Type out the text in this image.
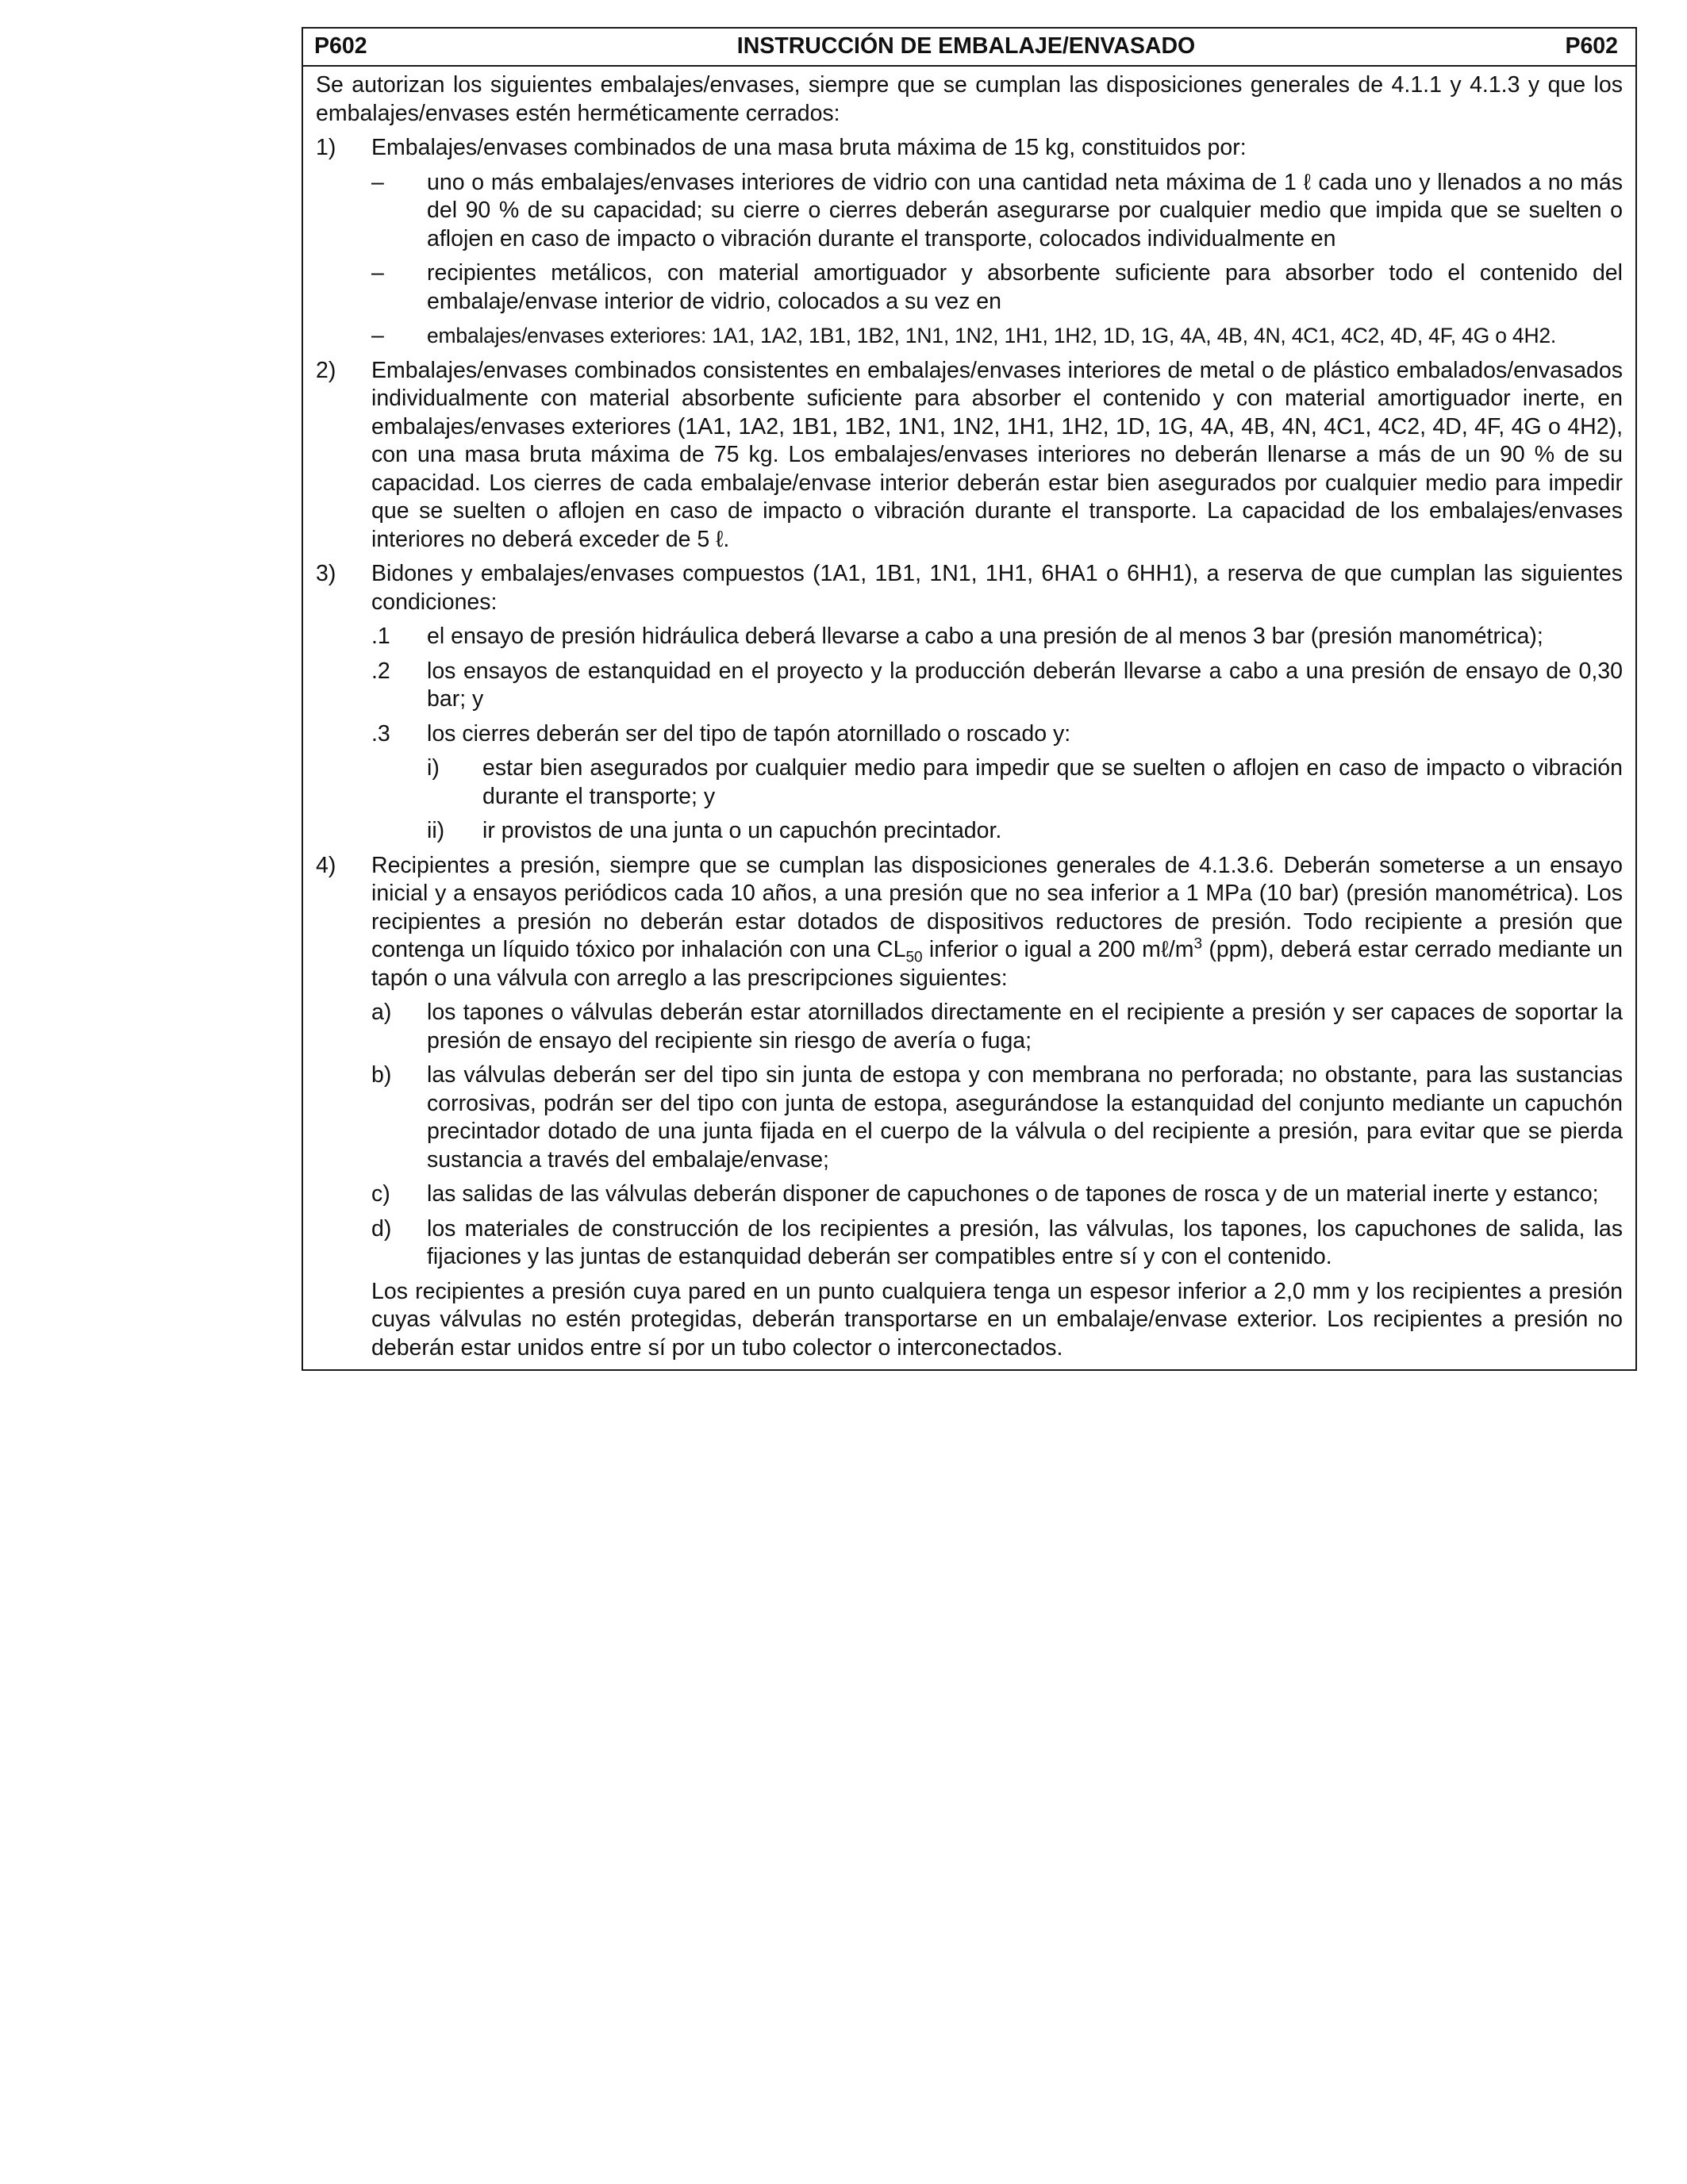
P602	INSTRUCCIÓN DE EMBALAJE/ENVASADO	P602

Se autorizan los siguientes embalajes/envases, siempre que se cumplan las disposiciones generales de 4.1.1 y 4.1.3 y que los embalajes/envases estén herméticamente cerrados:

1)	Embalajes/envases combinados de una masa bruta máxima de 15 kg, constituidos por:
–	uno o más embalajes/envases interiores de vidrio con una cantidad neta máxima de 1 ℓ cada uno y llenados a no más del 90 % de su capacidad; su cierre o cierres deberán asegurarse por cualquier medio que impida que se suelten o aflojen en caso de impacto o vibración durante el transporte, colocados individualmente en
–	recipientes metálicos, con material amortiguador y absorbente suficiente para absorber todo el contenido del embalaje/envase interior de vidrio, colocados a su vez en
–	embalajes/envases exteriores: 1A1, 1A2, 1B1, 1B2, 1N1, 1N2, 1H1, 1H2, 1D, 1G, 4A, 4B, 4N, 4C1, 4C2, 4D, 4F, 4G o 4H2.
2)	Embalajes/envases combinados consistentes en embalajes/envases interiores de metal o de plástico embalados/envasados individualmente con material absorbente suficiente para absorber el contenido y con material amortiguador inerte, en embalajes/envases exteriores (1A1, 1A2, 1B1, 1B2, 1N1, 1N2, 1H1, 1H2, 1D, 1G, 4A, 4B, 4N, 4C1, 4C2, 4D, 4F, 4G o 4H2), con una masa bruta máxima de 75 kg. Los embalajes/envases interiores no deberán llenarse a más de un 90 % de su capacidad. Los cierres de cada embalaje/envase interior deberán estar bien asegurados por cualquier medio para impedir que se suelten o aflojen en caso de impacto o vibración durante el transporte. La capacidad de los embalajes/envases interiores no deberá exceder de 5 ℓ.
3)	Bidones y embalajes/envases compuestos (1A1, 1B1, 1N1, 1H1, 6HA1 o 6HH1), a reserva de que cumplan las siguientes condiciones:
.1	el ensayo de presión hidráulica deberá llevarse a cabo a una presión de al menos 3 bar (presión manométrica);
.2	los ensayos de estanquidad en el proyecto y la producción deberán llevarse a cabo a una presión de ensayo de 0,30 bar; y
.3	los cierres deberán ser del tipo de tapón atornillado o roscado y:
i)	estar bien asegurados por cualquier medio para impedir que se suelten o aflojen en caso de impacto o vibración durante el transporte; y
ii)	ir provistos de una junta o un capuchón precintador.
4)	Recipientes a presión, siempre que se cumplan las disposiciones generales de 4.1.3.6. Deberán someterse a un ensayo inicial y a ensayos periódicos cada 10 años, a una presión que no sea inferior a 1 MPa (10 bar) (presión manométrica). Los recipientes a presión no deberán estar dotados de dispositivos reductores de presión. Todo recipiente a presión que contenga un líquido tóxico por inhalación con una $CL_{50}$ inferior o igual a 200 $m\ell/m^3$ (ppm), deberá estar cerrado mediante un tapón o una válvula con arreglo a las prescripciones siguientes:
a)	los tapones o válvulas deberán estar atornillados directamente en el recipiente a presión y ser capaces de soportar la presión de ensayo del recipiente sin riesgo de avería o fuga;
b)	las válvulas deberán ser del tipo sin junta de estopa y con membrana no perforada; no obstante, para las sustancias corrosivas, podrán ser del tipo con junta de estopa, asegurándose la estanquidad del conjunto mediante un capuchón precintador dotado de una junta fijada en el cuerpo de la válvula o del recipiente a presión, para evitar que se pierda sustancia a través del embalaje/envase;
c)	las salidas de las válvulas deberán disponer de capuchones o de tapones de rosca y de un material inerte y estanco;
d)	los materiales de construcción de los recipientes a presión, las válvulas, los tapones, los capuchones de salida, las fijaciones y las juntas de estanquidad deberán ser compatibles entre sí y con el contenido.
Los recipientes a presión cuya pared en un punto cualquiera tenga un espesor inferior a 2,0 mm y los recipientes a presión cuyas válvulas no estén protegidas, deberán transportarse en un embalaje/envase exterior. Los recipientes a presión no deberán estar unidos entre sí por un tubo colector o interconectados.
